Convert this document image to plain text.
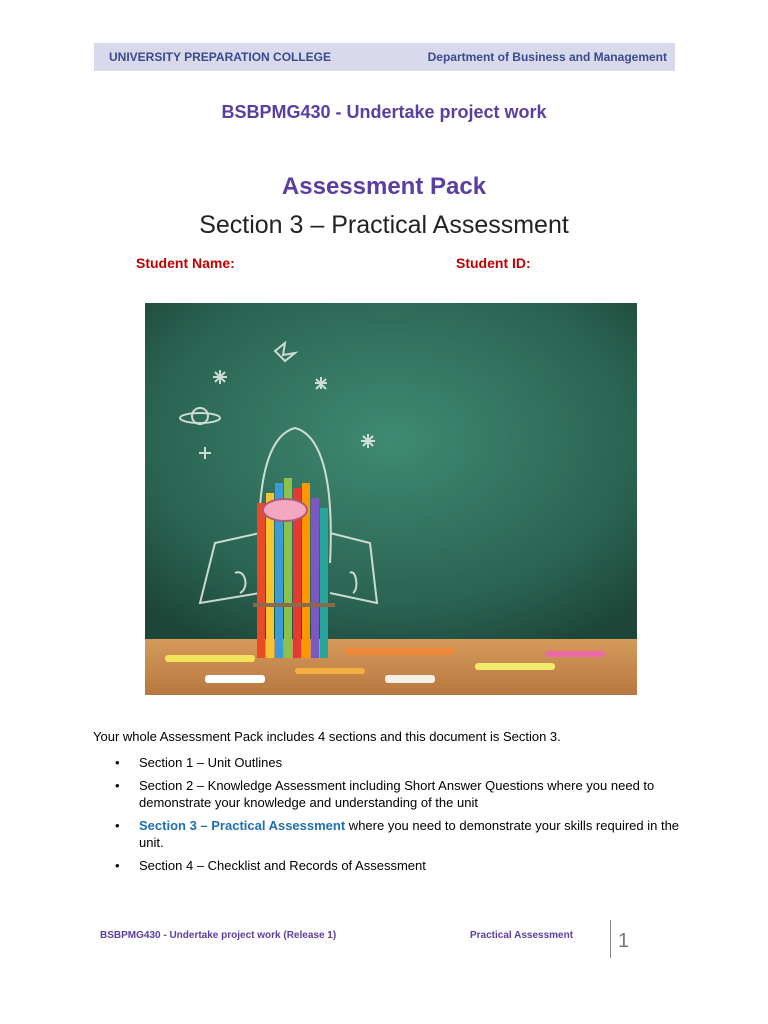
UNIVERSITY PREPARATION COLLEGE	Department of Business and Management
BSBPMG430 - Undertake project work
Assessment Pack
Section 3 – Practical Assessment
Student Name:	Student ID:
Your whole Assessment Pack includes 4 sections and this document is Section 3.
• Section 1 – Unit Outlines
• Section 2 – Knowledge Assessment including Short Answer Questions where you need to demonstrate your knowledge and understanding of the unit
• Section 3 – Practical Assessment where you need to demonstrate your skills required in the unit.
• Section 4 – Checklist and Records of Assessment
BSBPMG430 - Undertake project work (Release 1)	Practical Assessment 1
